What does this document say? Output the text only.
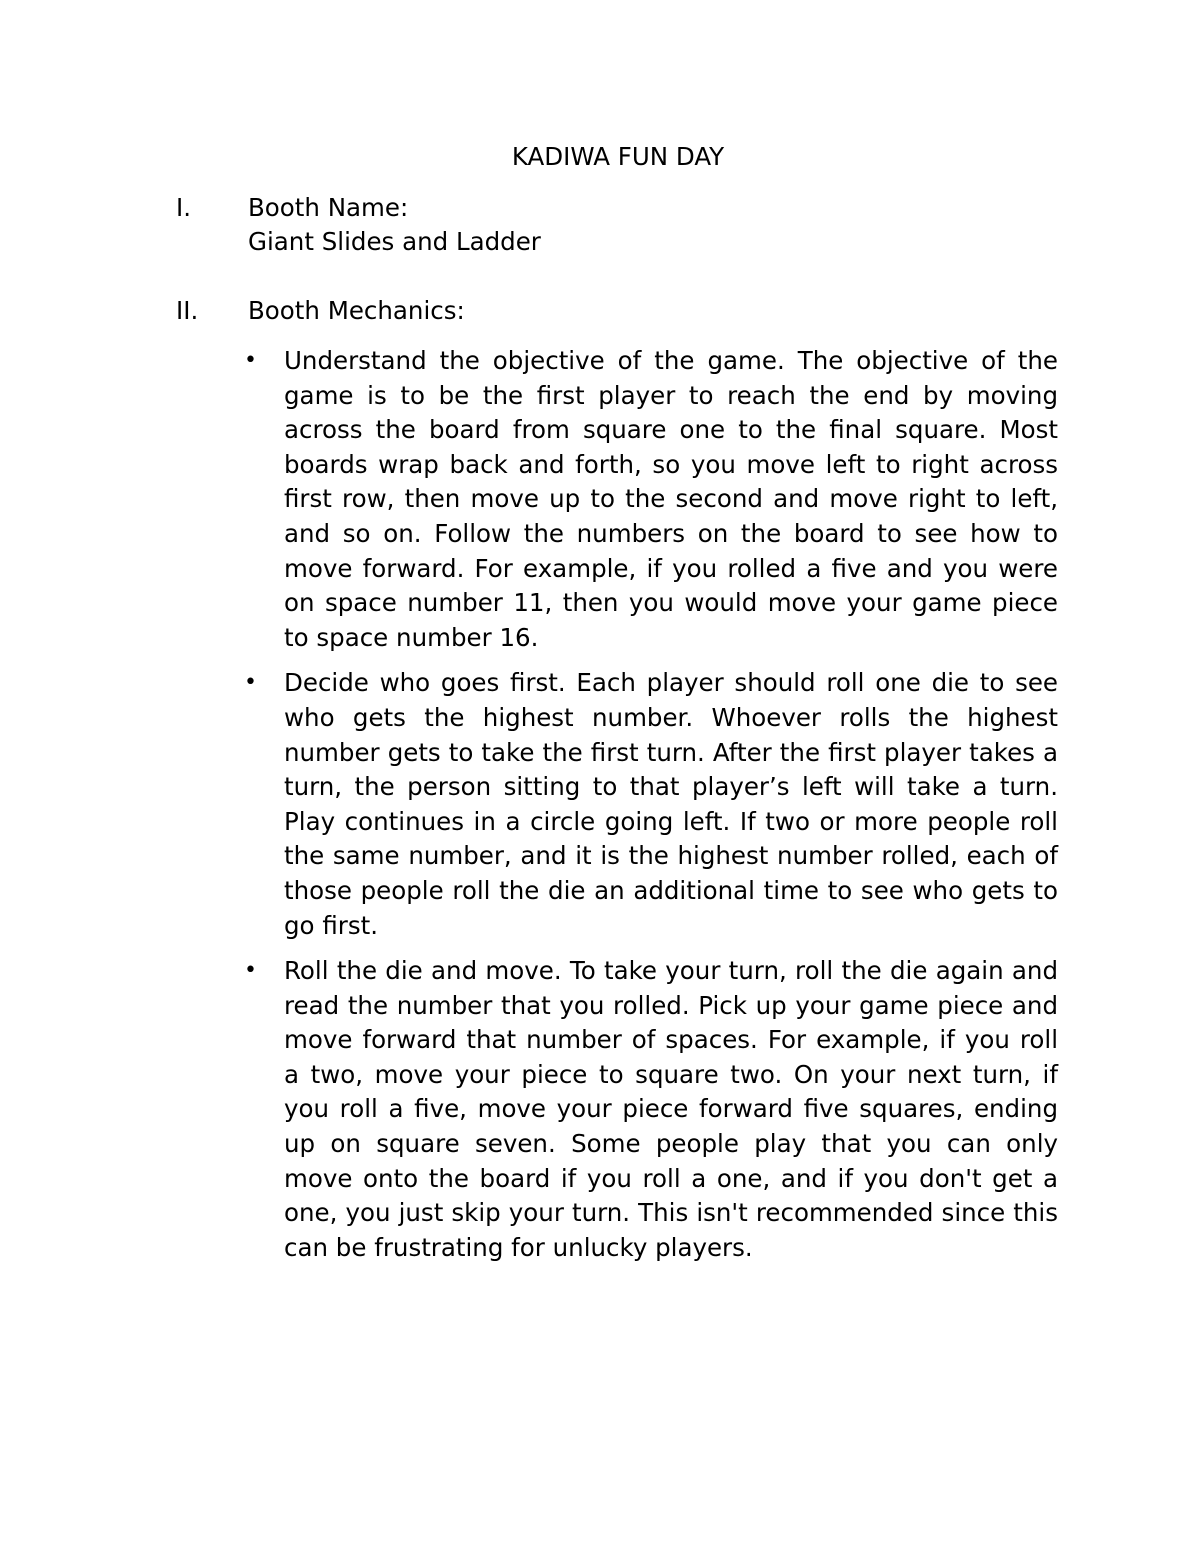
KADIWA FUN DAY
I. Booth Name:
Giant Slides and Ladder
II. Booth Mechanics:
• Understand the objective of the game. The objective of the game is to be the first player to reach the end by moving across the board from square one to the final square. Most boards wrap back and forth, so you move left to right across first row, then move up to the second and move right to left, and so on. Follow the numbers on the board to see how to move forward. For example, if you rolled a five and you were on space number 11, then you would move your game piece to space number 16.
• Decide who goes first. Each player should roll one die to see who gets the highest number. Whoever rolls the highest number gets to take the first turn. After the first player takes a turn, the person sitting to that player’s left will take a turn. Play continues in a circle going left. If two or more people roll the same number, and it is the highest number rolled, each of those people roll the die an additional time to see who gets to go first.
• Roll the die and move. To take your turn, roll the die again and read the number that you rolled. Pick up your game piece and move forward that number of spaces. For example, if you roll a two, move your piece to square two. On your next turn, if you roll a five, move your piece forward five squares, ending up on square seven. Some people play that you can only move onto the board if you roll a one, and if you don't get a one, you just skip your turn. This isn't recommended since this can be frustrating for unlucky players.
